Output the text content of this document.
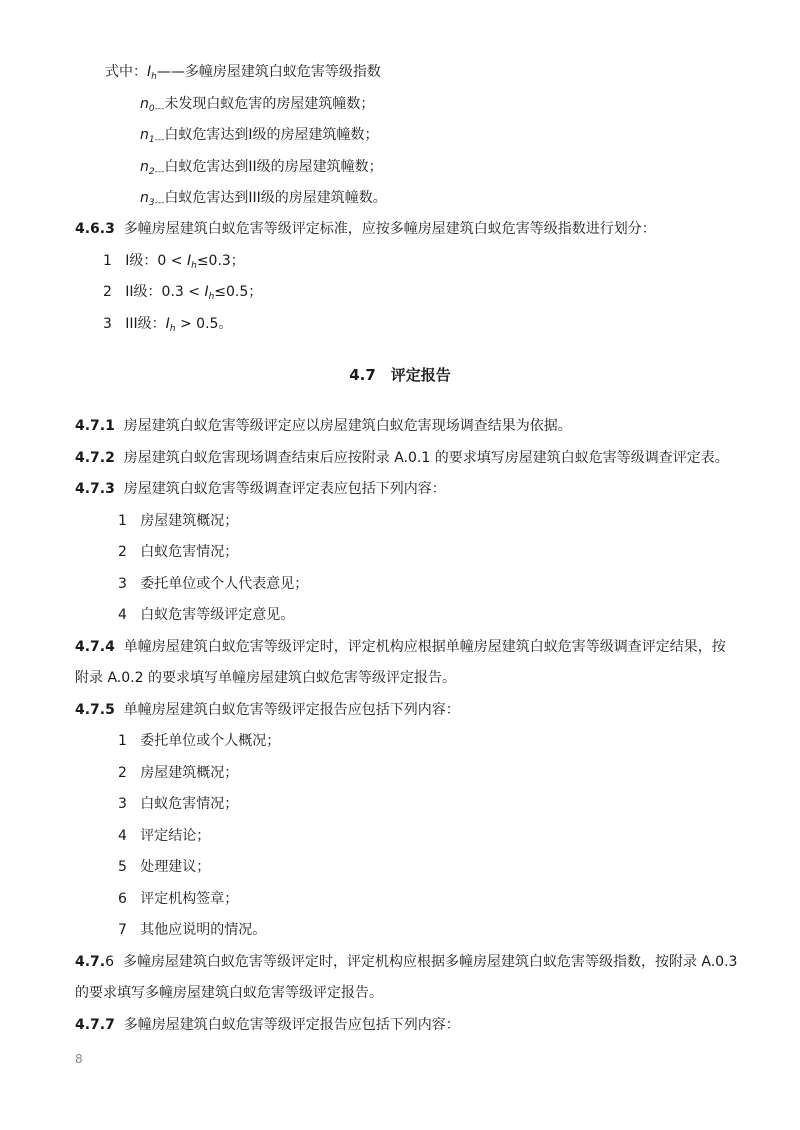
式中：$I_h——$多幢房屋建筑白蚁危害等级指数
$n_{0---}$未发现白蚁危害的房屋建筑幢数；
$n_{1---}$白蚁危害达到I级的房屋建筑幢数；
$n_{2---}$白蚁危害达到II级的房屋建筑幢数；
$n_{3---}$白蚁危害达到III级的房屋建筑幢数。
4.6.3 多幢房屋建筑白蚁危害等级评定标准，应按多幢房屋建筑白蚁危害等级指数进行划分：
1 I级：$0 < I_h\le 0.3$；
2 II级：$0.3 < I_h\le 0.5$；
3 III级：$I_h > 0.5$。
4.7　评定报告
4.7.1 房屋建筑白蚁危害等级评定应以房屋建筑白蚁危害现场调查结果为依据。
4.7.2 房屋建筑白蚁危害现场调查结束后应按附录 A.0.1 的要求填写房屋建筑白蚁危害等级调查评定表。
4.7.3 房屋建筑白蚁危害等级调查评定表应包括下列内容：
1 房屋建筑概况；
2 白蚁危害情况；
3 委托单位或个人代表意见；
4 白蚁危害等级评定意见。
4.7.4 单幢房屋建筑白蚁危害等级评定时，评定机构应根据单幢房屋建筑白蚁危害等级调查评定结果，按
附录 A.0.2 的要求填写单幢房屋建筑白蚁危害等级评定报告。
4.7.5 单幢房屋建筑白蚁危害等级评定报告应包括下列内容：
1 委托单位或个人概况；
2 房屋建筑概况；
3 白蚁危害情况；
4 评定结论；
5 处理建议；
6 评定机构签章；
7 其他应说明的情况。
4.7.6 多幢房屋建筑白蚁危害等级评定时，评定机构应根据多幢房屋建筑白蚁危害等级指数，按附录 A.0.3
的要求填写多幢房屋建筑白蚁危害等级评定报告。
4.7.7 多幢房屋建筑白蚁危害等级评定报告应包括下列内容：
8
